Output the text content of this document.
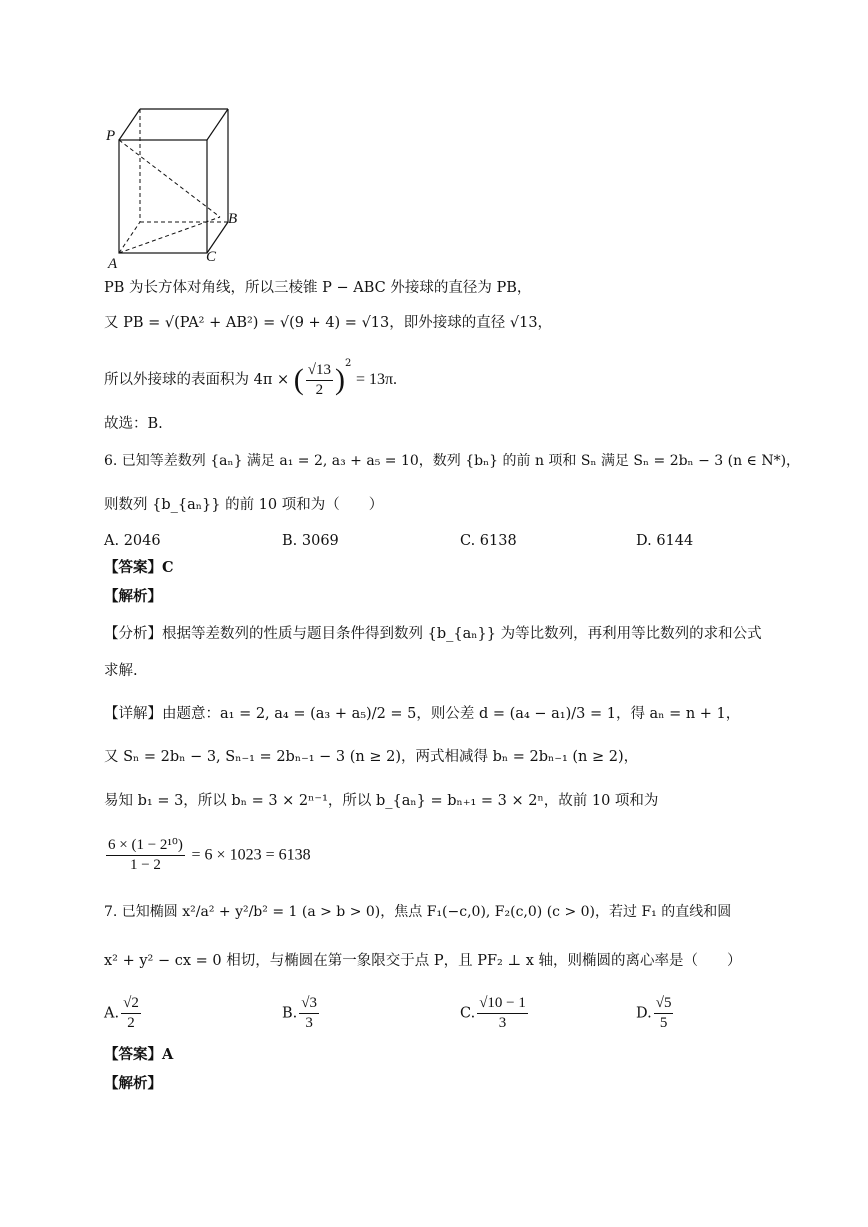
P
B
A	C
PB 为长方体对角线，所以三棱锥 P − ABC 外接球的直径为 PB，
又 PB = √(PA² + AB²) = √(9 + 4) = √13，即外接球的直径 √13，
所以外接球的表面积为 4π × ( $\frac{√13}{2} )^2 = 13\pi$.
故选：B.
6. 已知等差数列 {aₙ} 满足 a₁ = 2, a₃ + a₅ = 10，数列 {bₙ} 的前 n 项和 Sₙ 满足 Sₙ = 2bₙ − 3 (n ∈ N*)，
则数列 {b_{aₙ}} 的前 10 项和为（　　）
A. 2046	B. 3069	C. 6138	D. 6144
【答案】C
【解析】
【分析】根据等差数列的性质与题目条件得到数列 {b_{aₙ}} 为等比数列，再利用等比数列的求和公式
求解.
【详解】由题意：a₁ = 2, a₄ = (a₃ + a₅)/2 = 5，则公差 d = (a₄ − a₁)/3 = 1，得 aₙ = n + 1，
又 Sₙ = 2bₙ − 3, Sₙ₋₁ = 2bₙ₋₁ − 3 (n ≥ 2)，两式相减得 bₙ = 2bₙ₋₁ (n ≥ 2)，
易知 b₁ = 3，所以 bₙ = 3 × 2ⁿ⁻¹，所以 b_{aₙ} = bₙ₊₁ = 3 × 2ⁿ，故前 10 项和为
$\frac{\text{6 × (1 − 2¹⁰)}}{1 - 2} = 6 \times 1023 = 6138$
7. 已知椭圆 x²/a² + y²/b² = 1 (a > b > 0)，焦点 F₁(−c,0), F₂(c,0) (c > 0)，若过 F₁ 的直线和圆
x² + y² − cx = 0 相切，与椭圆在第一象限交于点 P，且 PF₂ ⊥ x 轴，则椭圆的离心率是（　　）
A. $\frac{√2}{2}$	B. $\frac{√3}{3}$	C. $\frac{√10 - 1}{3}$	D. $\frac{√5}{5}$
【答案】A
【解析】
